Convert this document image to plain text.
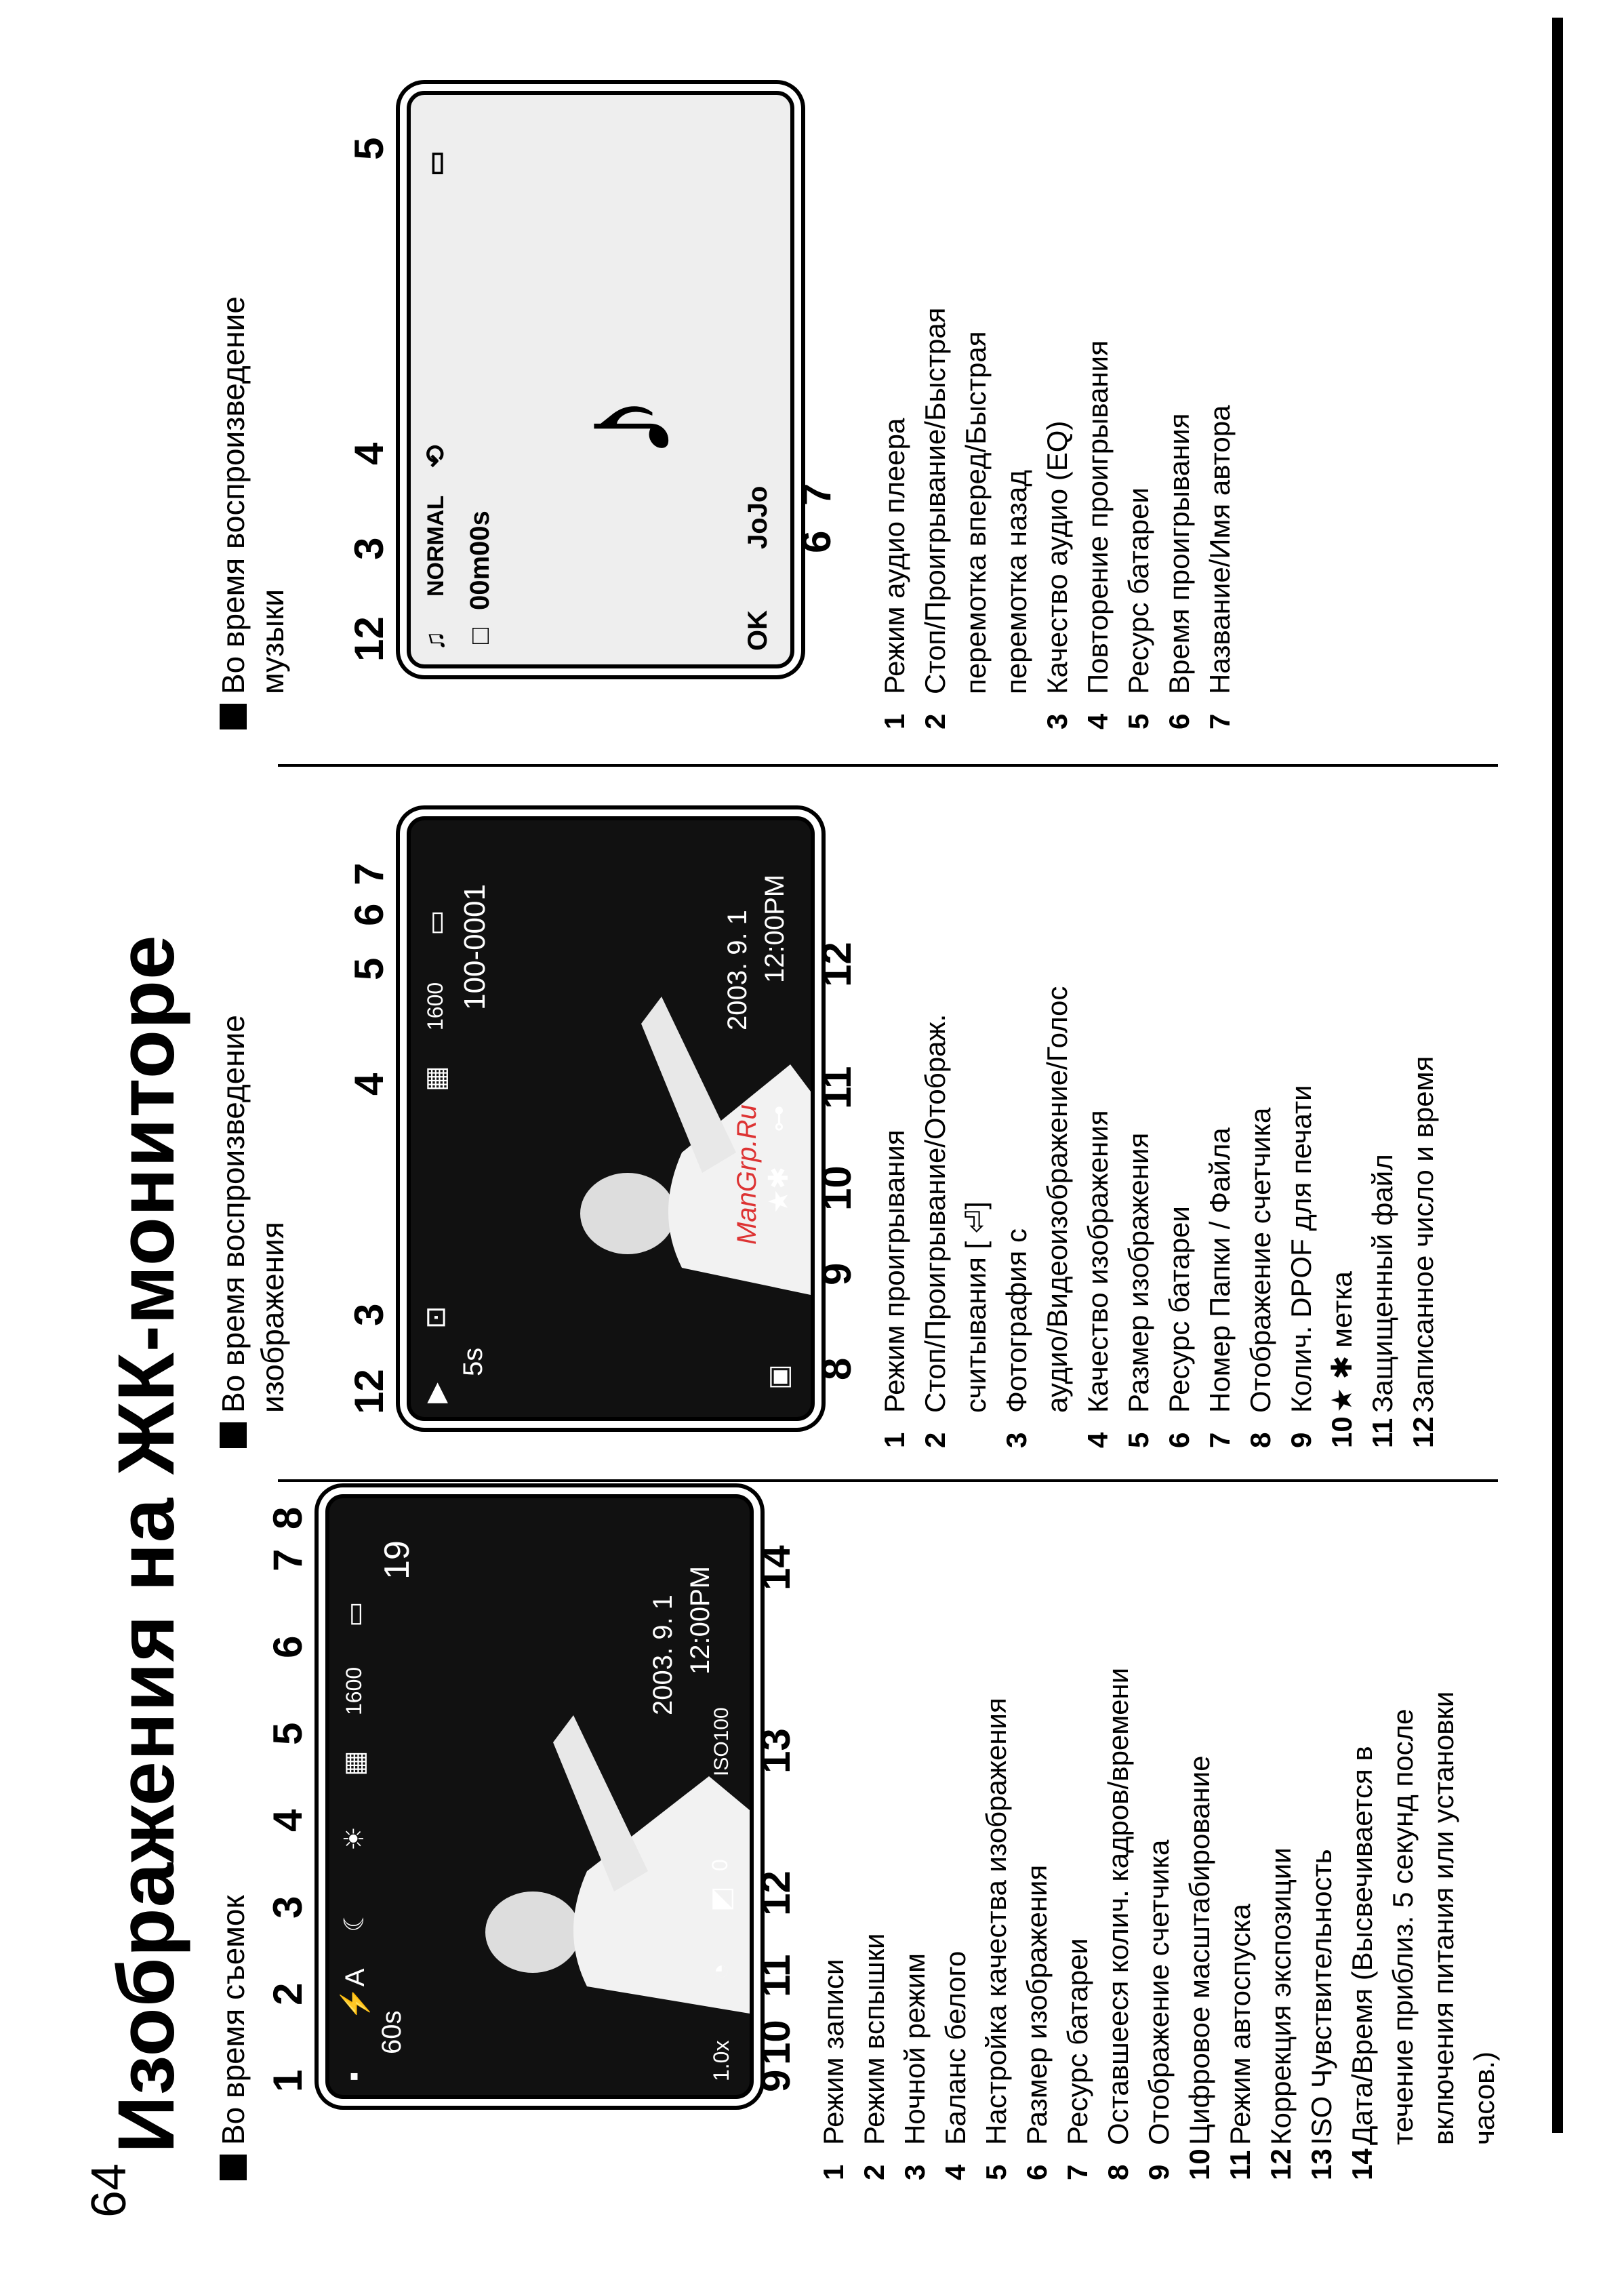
Изображения на ЖК-мониторе
64
Во время съемок 1
2
3
4
5
6
7
8
▪
⚡A
☾
☀
▦
1600
▭
19
60s
1.0x
◔
◩
0
ISO100
2003. 9. 1 12:00PM
9
10
11
12
13
14
1Режим записи
2Режим вспышки
3Ночной режим
4Баланс белого
5Настройка качества изображения
6Размер изображения
7Ресурс батареи
8Оставшееся колич. кадров/времени
9Отображение счетчика
10Цифровое масштабирование
11Режим автоспуска
12Коррекция экспозиции
13ISO Чувствительность
14Дата/Время (Высвечивается в течение приблиз. 5 секунд после включения питания или установки часов.)
Во время воспроизведение изображения 12
3
4
5
6
7
▶
⊡
▦
1600
▭
5s
100-0001
▣
★✱
⊶
2003. 9. 1 12:00PM
ManGrp.Ru
8
9
10
11
12
1Режим проигрывания
2Стоп/Проигрывание/Отображ. считывания [ ⏎]
3Фотография с аудио/Видеоизображение/Голос
4Качество изображения
5Размер изображения
6Ресурс батареи
7Номер Папки / Файла
8Отображение счетчика
9Колич. DPOF для печати
10★ ✱ метка
11Защищенный файл
12Записанное число и время
Во время воспроизведение музыки 12
3
4
5
♫
NORMAL
⟲
▭
□
00m00s
♪
OK
JoJo 6
7
1Режим аудио плеера
2Стоп/Проигрывание/Быстрая перемотка вперед/Быстрая перемотка назад
3Качество аудио (EQ)
4Повторение проигрывания
5Ресурс батареи
6Время проигрывания
7Название/Имя автора
